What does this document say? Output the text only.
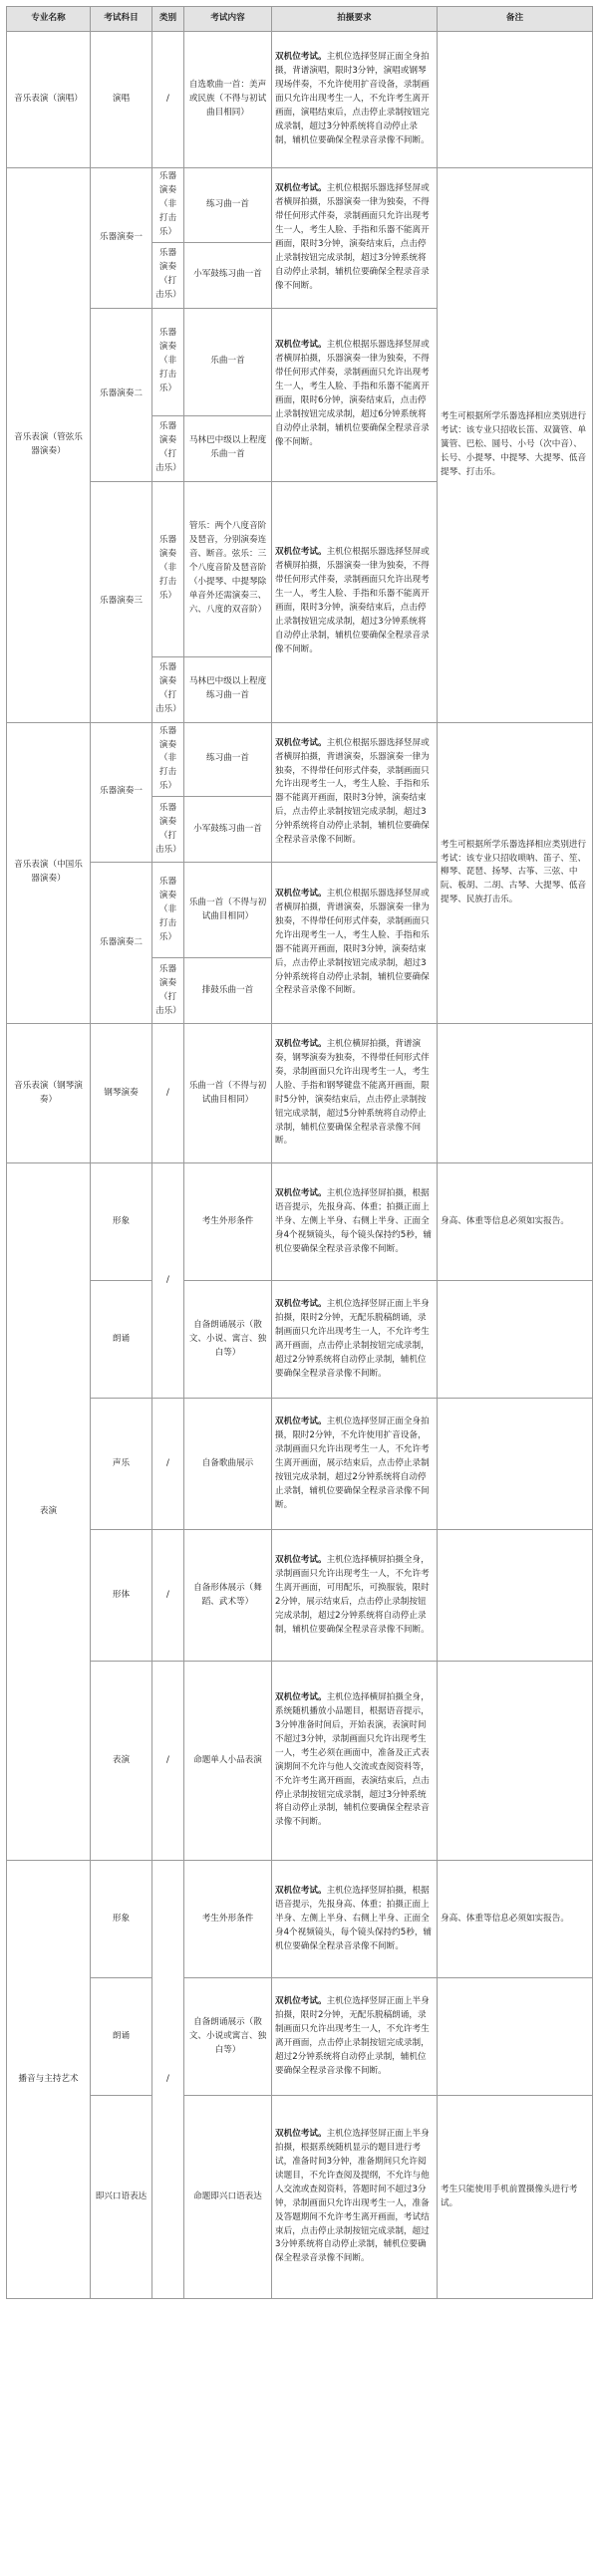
专业名称	考试科目	类别	考试内容	拍摄要求	备注
音乐表演（演唱）	演唱	/	自选歌曲一首：美声或民族（不得与初试曲目相同）	双机位考试。主机位选择竖屏正面全身拍摄，背谱演唱，限时3分钟，演唱或钢琴现场伴奏，不允许使用扩音设备，录制画面只允许出现考生一人，不允许考生离开画面，演唱结束后，点击停止录制按钮完成录制，超过3分钟系统将自动停止录制，辅机位要确保全程录音录像不间断。	
音乐表演（管弦乐器演奏）	乐器演奏一	乐器演奏（非打击乐）	练习曲一首	双机位考试。主机位根据乐器选择竖屏或者横屏拍摄，乐器演奏一律为独奏，不得带任何形式伴奏，录制画面只允许出现考生一人，考生人脸、手指和乐器不能离开画面，限时3分钟，演奏结束后，点击停止录制按钮完成录制，超过3分钟系统将自动停止录制，辅机位要确保全程录音录像不间断。	考生可根据所学乐器选择相应类别进行考试：该专业只招收长笛、双簧管、单簧管、巴松、圆号、小号（次中音）、长号、小提琴、中提琴、大提琴、低音提琴、打击乐。
		乐器演奏（打击乐）	小军鼓练习曲一首		
	乐器演奏二	乐器演奏（非打击乐）	乐曲一首	双机位考试。主机位根据乐器选择竖屏或者横屏拍摄，乐器演奏一律为独奏，不得带任何形式伴奏，录制画面只允许出现考生一人，考生人脸、手指和乐器不能离开画面，限时6分钟，演奏结束后，点击停止录制按钮完成录制，超过6分钟系统将自动停止录制，辅机位要确保全程录音录像不间断。	
		乐器演奏（打击乐）	马林巴中级以上程度乐曲一首		
	乐器演奏三	乐器演奏（非打击乐）	管乐：两个八度音阶及琶音，分别演奏连音、断音。弦乐：三个八度音阶及琶音阶（小提琴、中提琴除单音外还需演奏三、六、八度的双音阶）	双机位考试。主机位根据乐器选择竖屏或者横屏拍摄，乐器演奏一律为独奏，不得带任何形式伴奏，录制画面只允许出现考生一人，考生人脸、手指和乐器不能离开画面，限时3分钟，演奏结束后，点击停止录制按钮完成录制，超过3分钟系统将自动停止录制，辅机位要确保全程录音录像不间断。	
		乐器演奏（打击乐）	马林巴中级以上程度练习曲一首		
音乐表演（中国乐器演奏）	乐器演奏一	乐器演奏（非打击乐）	练习曲一首	双机位考试。主机位根据乐器选择竖屏或者横屏拍摄，背谱演奏，乐器演奏一律为独奏，不得带任何形式伴奏，录制画面只允许出现考生一人，考生人脸、手指和乐器不能离开画面，限时3分钟，演奏结束后，点击停止录制按钮完成录制，超过3分钟系统将自动停止录制，辅机位要确保全程录音录像不间断。	考生可根据所学乐器选择相应类别进行考试：该专业只招收唢呐、笛子、笙、柳琴、琵琶、扬琴、古筝、三弦、中阮、板胡、二胡、古琴、大提琴、低音提琴、民族打击乐。
		乐器演奏（打击乐）	小军鼓练习曲一首		
	乐器演奏二	乐器演奏（非打击乐）	乐曲一首（不得与初试曲目相同）	双机位考试。主机位根据乐器选择竖屏或者横屏拍摄，背谱演奏，乐器演奏一律为独奏，不得带任何形式伴奏，录制画面只允许出现考生一人，考生人脸、手指和乐器不能离开画面，限时3分钟，演奏结束后，点击停止录制按钮完成录制，超过3分钟系统将自动停止录制，辅机位要确保全程录音录像不间断。	
		乐器演奏（打击乐）	排鼓乐曲一首		
音乐表演（钢琴演奏）	钢琴演奏	/	乐曲一首（不得与初试曲目相同）	双机位考试。主机位横屏拍摄，背谱演奏，钢琴演奏为独奏，不得带任何形式伴奏，录制画面只允许出现考生一人，考生人脸、手指和钢琴键盘不能离开画面，限时5分钟，演奏结束后，点击停止录制按钮完成录制，超过5分钟系统将自动停止录制，辅机位要确保全程录音录像不间断。	
表演	形象	/	考生外形条件	双机位考试。主机位选择竖屏拍摄，根据语音提示，先报身高、体重；拍摄正面上半身、左侧上半身、右侧上半身、正面全身4个视频镜头，每个镜头保持约5秒，辅机位要确保全程录音录像不间断。	身高、体重等信息必须如实报告。
	朗诵		自备朗诵展示（散文、小说、寓言、独白等）	双机位考试。主机位选择竖屏正面上半身拍摄，限时2分钟，无配乐脱稿朗诵，录制画面只允许出现考生一人，不允许考生离开画面，点击停止录制按钮完成录制，超过2分钟系统将自动停止录制，辅机位要确保全程录音录像不间断。	
	声乐	/	自备歌曲展示	双机位考试。主机位选择竖屏正面全身拍摄，限时2分钟，不允许使用扩音设备，录制画面只允许出现考生一人，不允许考生离开画面，展示结束后，点击停止录制按钮完成录制，超过2分钟系统将自动停止录制，辅机位要确保全程录音录像不间断。	
	形体	/	自备形体展示（舞蹈、武术等）	双机位考试。主机位选择横屏拍摄全身，录制画面只允许出现考生一人，不允许考生离开画面，可用配乐，可换服装，限时2分钟，展示结束后，点击停止录制按钮完成录制，超过2分钟系统将自动停止录制，辅机位要确保全程录音录像不间断。	
	表演	/	命题单人小品表演	双机位考试。主机位选择横屏拍摄全身，系统随机播放小品题目，根据语音提示，3分钟准备时间后，开始表演，表演时间不超过3分钟，录制画面只允许出现考生一人，考生必须在画面中，准备及正式表演期间不允许与他人交流或查阅资料等，不允许考生离开画面，表演结束后，点击停止录制按钮完成录制，超过3分钟系统将自动停止录制，辅机位要确保全程录音录像不间断。	
播音与主持艺术	形象	/	考生外形条件	双机位考试。主机位选择竖屏拍摄，根据语音提示，先报身高、体重；拍摄正面上半身、左侧上半身、右侧上半身、正面全身4个视频镜头，每个镜头保持约5秒，辅机位要确保全程录音录像不间断。	身高、体重等信息必须如实报告。
	朗诵		自备朗诵展示（散文、小说或寓言、独白等）	双机位考试。主机位选择竖屏正面上半身拍摄，限时2分钟，无配乐脱稿朗诵，录制画面只允许出现考生一人，不允许考生离开画面，点击停止录制按钮完成录制，超过2分钟系统将自动停止录制，辅机位要确保全程录音录像不间断。	
	即兴口语表达		命题即兴口语表达	双机位考试。主机位选择竖屏正面上半身拍摄，根据系统随机显示的题目进行考试，准备时间3分钟，准备期间只允许阅读题目，不允许查阅及提纲，不允许与他人交流或查阅资料，答题时间不超过3分钟，录制画面只允许出现考生一人，准备及答题期间不允许考生离开画面，考试结束后，点击停止录制按钮完成录制，超过3分钟系统将自动停止录制，辅机位要确保全程录音录像不间断。	考生只能使用手机前置摄像头进行考试。
